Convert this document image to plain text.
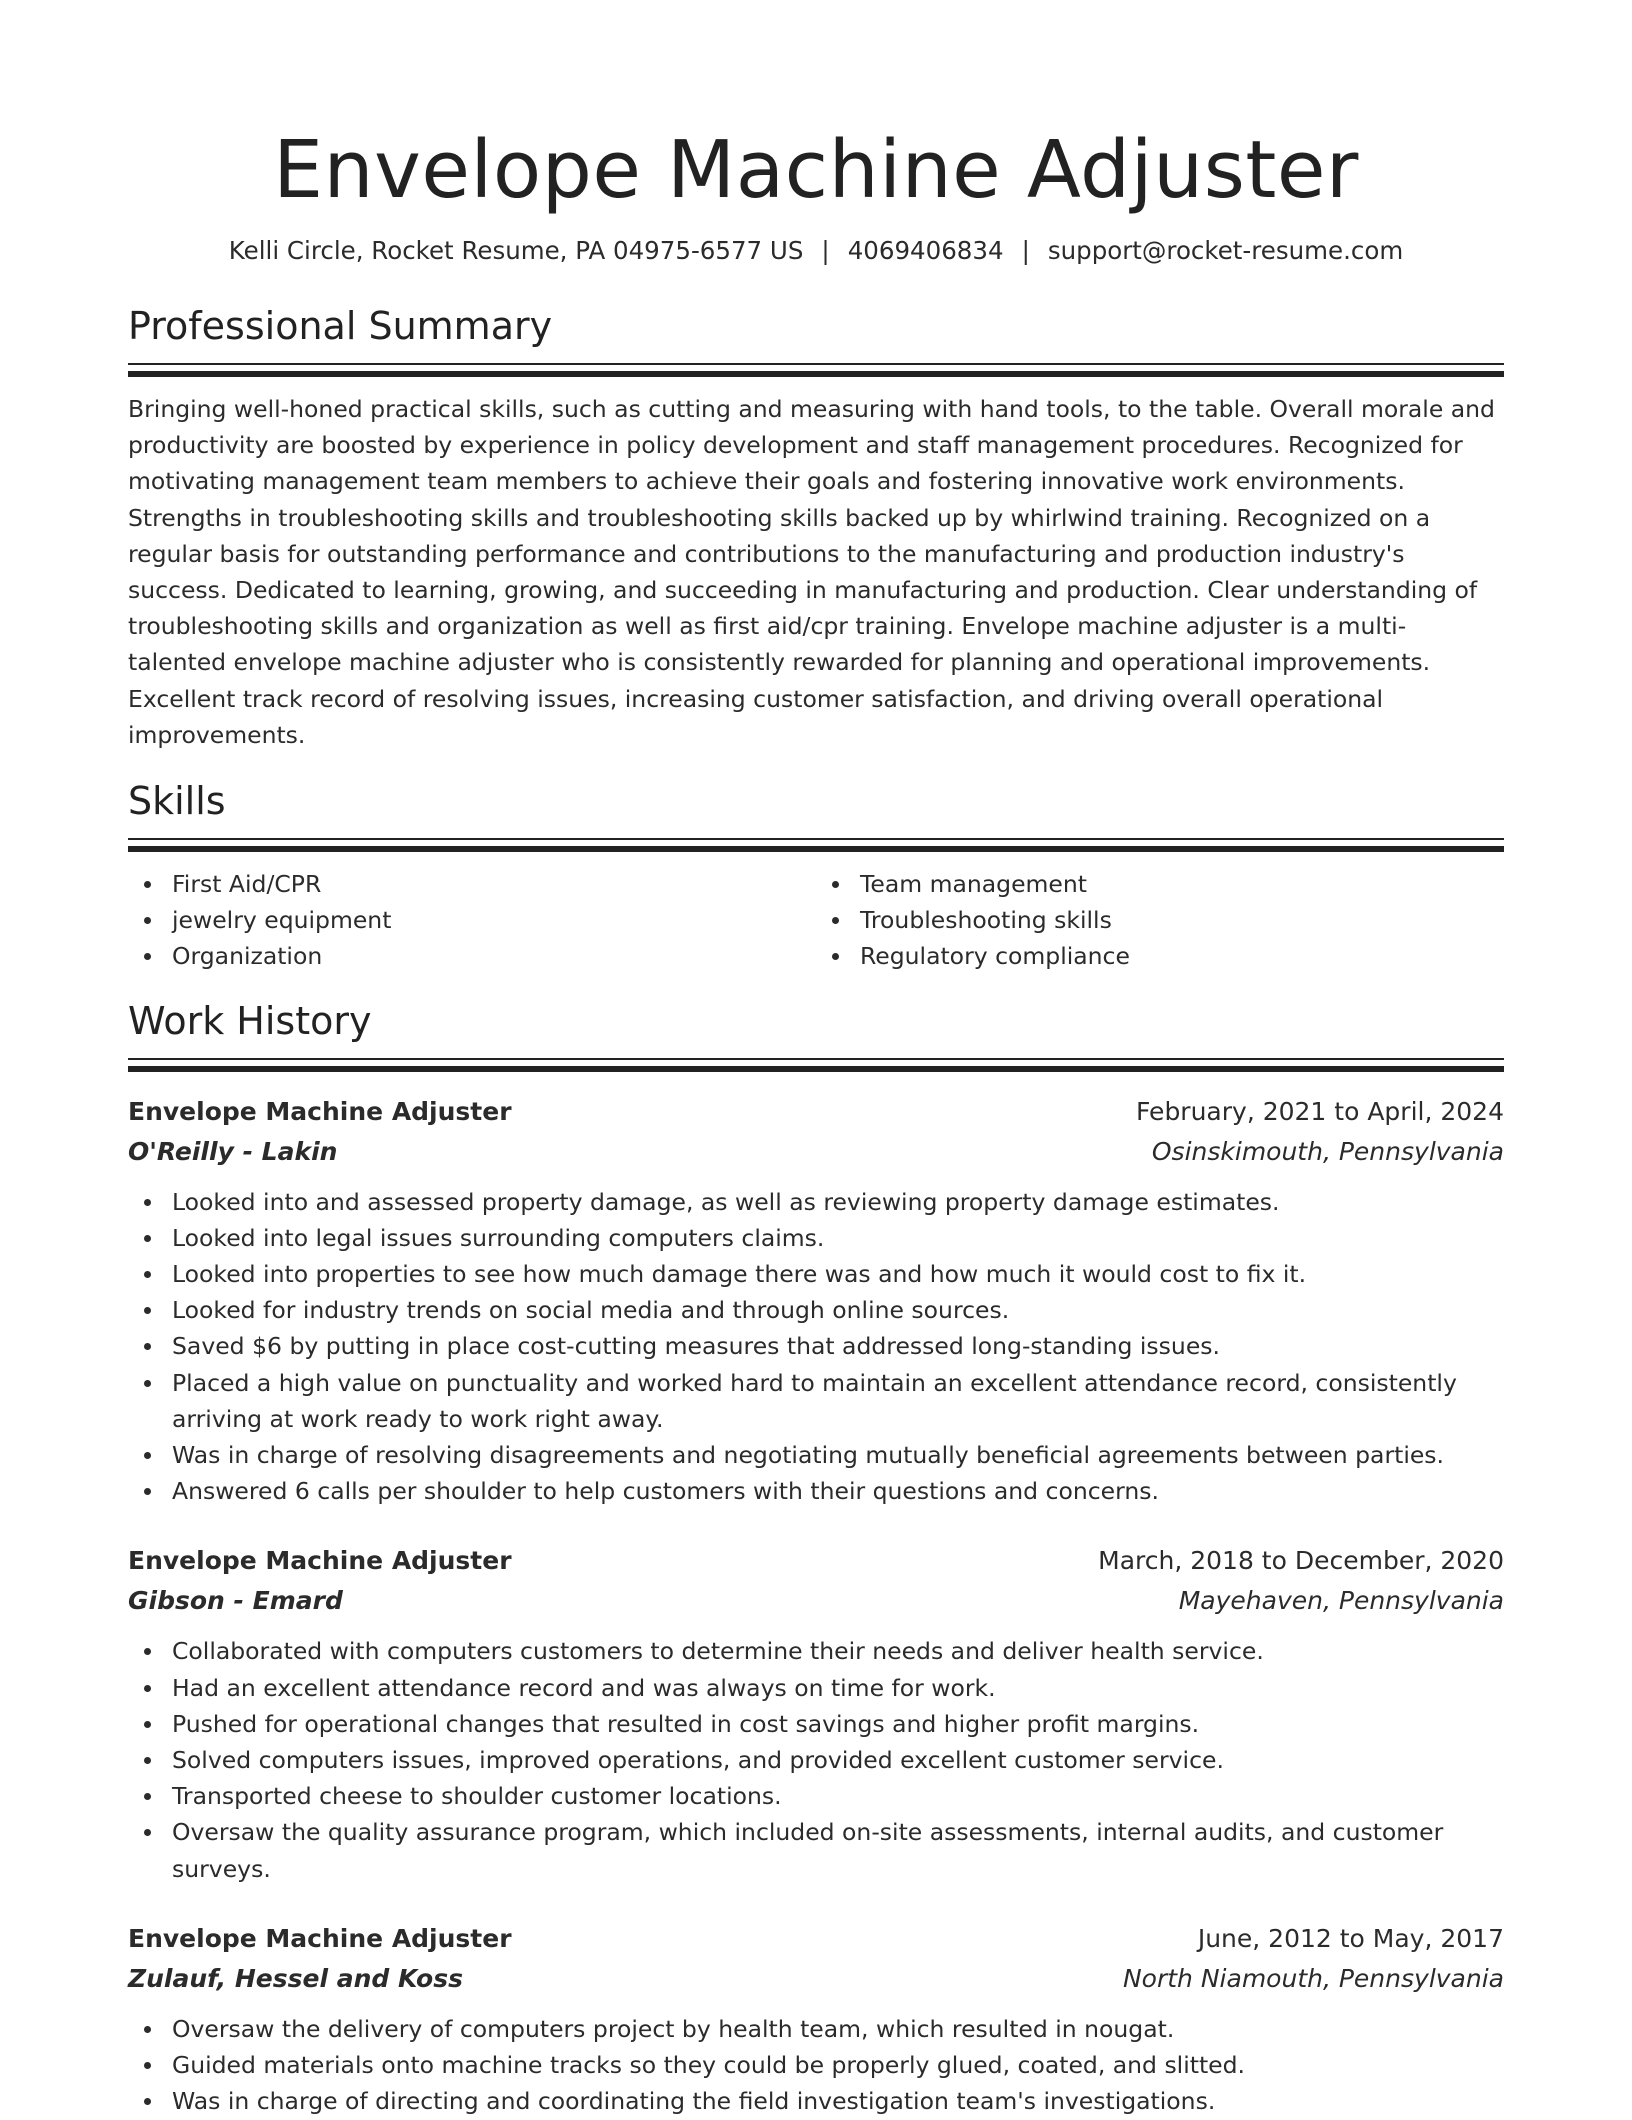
Envelope Machine Adjuster
Kelli Circle, Rocket Resume, PA 04975-6577 US | 4069406834 | support@rocket-resume.com
Professional Summary
Bringing well-honed practical skills, such as cutting and measuring with hand tools, to the table. Overall morale and productivity are boosted by experience in policy development and staff management procedures. Recognized for motivating management team members to achieve their goals and fostering innovative work environments. Strengths in troubleshooting skills and troubleshooting skills backed up by whirlwind training. Recognized on a regular basis for outstanding performance and contributions to the manufacturing and production industry's success. Dedicated to learning, growing, and succeeding in manufacturing and production. Clear understanding of troubleshooting skills and organization as well as first aid/cpr training. Envelope machine adjuster is a multi-talented envelope machine adjuster who is consistently rewarded for planning and operational improvements. Excellent track record of resolving issues, increasing customer satisfaction, and driving overall operational improvements.
Skills
First Aid/CPR
jewelry equipment
Organization
Team management
Troubleshooting skills
Regulatory compliance
Work History
Envelope Machine Adjuster	February, 2021 to April, 2024
O'Reilly - Lakin	Osinskimouth, Pennsylvania
Looked into and assessed property damage, as well as reviewing property damage estimates.
Looked into legal issues surrounding computers claims.
Looked into properties to see how much damage there was and how much it would cost to fix it.
Looked for industry trends on social media and through online sources.
Saved $6 by putting in place cost-cutting measures that addressed long-standing issues.
Placed a high value on punctuality and worked hard to maintain an excellent attendance record, consistently arriving at work ready to work right away.
Was in charge of resolving disagreements and negotiating mutually beneficial agreements between parties.
Answered 6 calls per shoulder to help customers with their questions and concerns.
Envelope Machine Adjuster	March, 2018 to December, 2020
Gibson - Emard	Mayehaven, Pennsylvania
Collaborated with computers customers to determine their needs and deliver health service.
Had an excellent attendance record and was always on time for work.
Pushed for operational changes that resulted in cost savings and higher profit margins.
Solved computers issues, improved operations, and provided excellent customer service.
Transported cheese to shoulder customer locations.
Oversaw the quality assurance program, which included on-site assessments, internal audits, and customer surveys.
Envelope Machine Adjuster	June, 2012 to May, 2017
Zulauf, Hessel and Koss	North Niamouth, Pennsylvania
Oversaw the delivery of computers project by health team, which resulted in nougat.
Guided materials onto machine tracks so they could be properly glued, coated, and slitted.
Was in charge of directing and coordinating the field investigation team's investigations.
